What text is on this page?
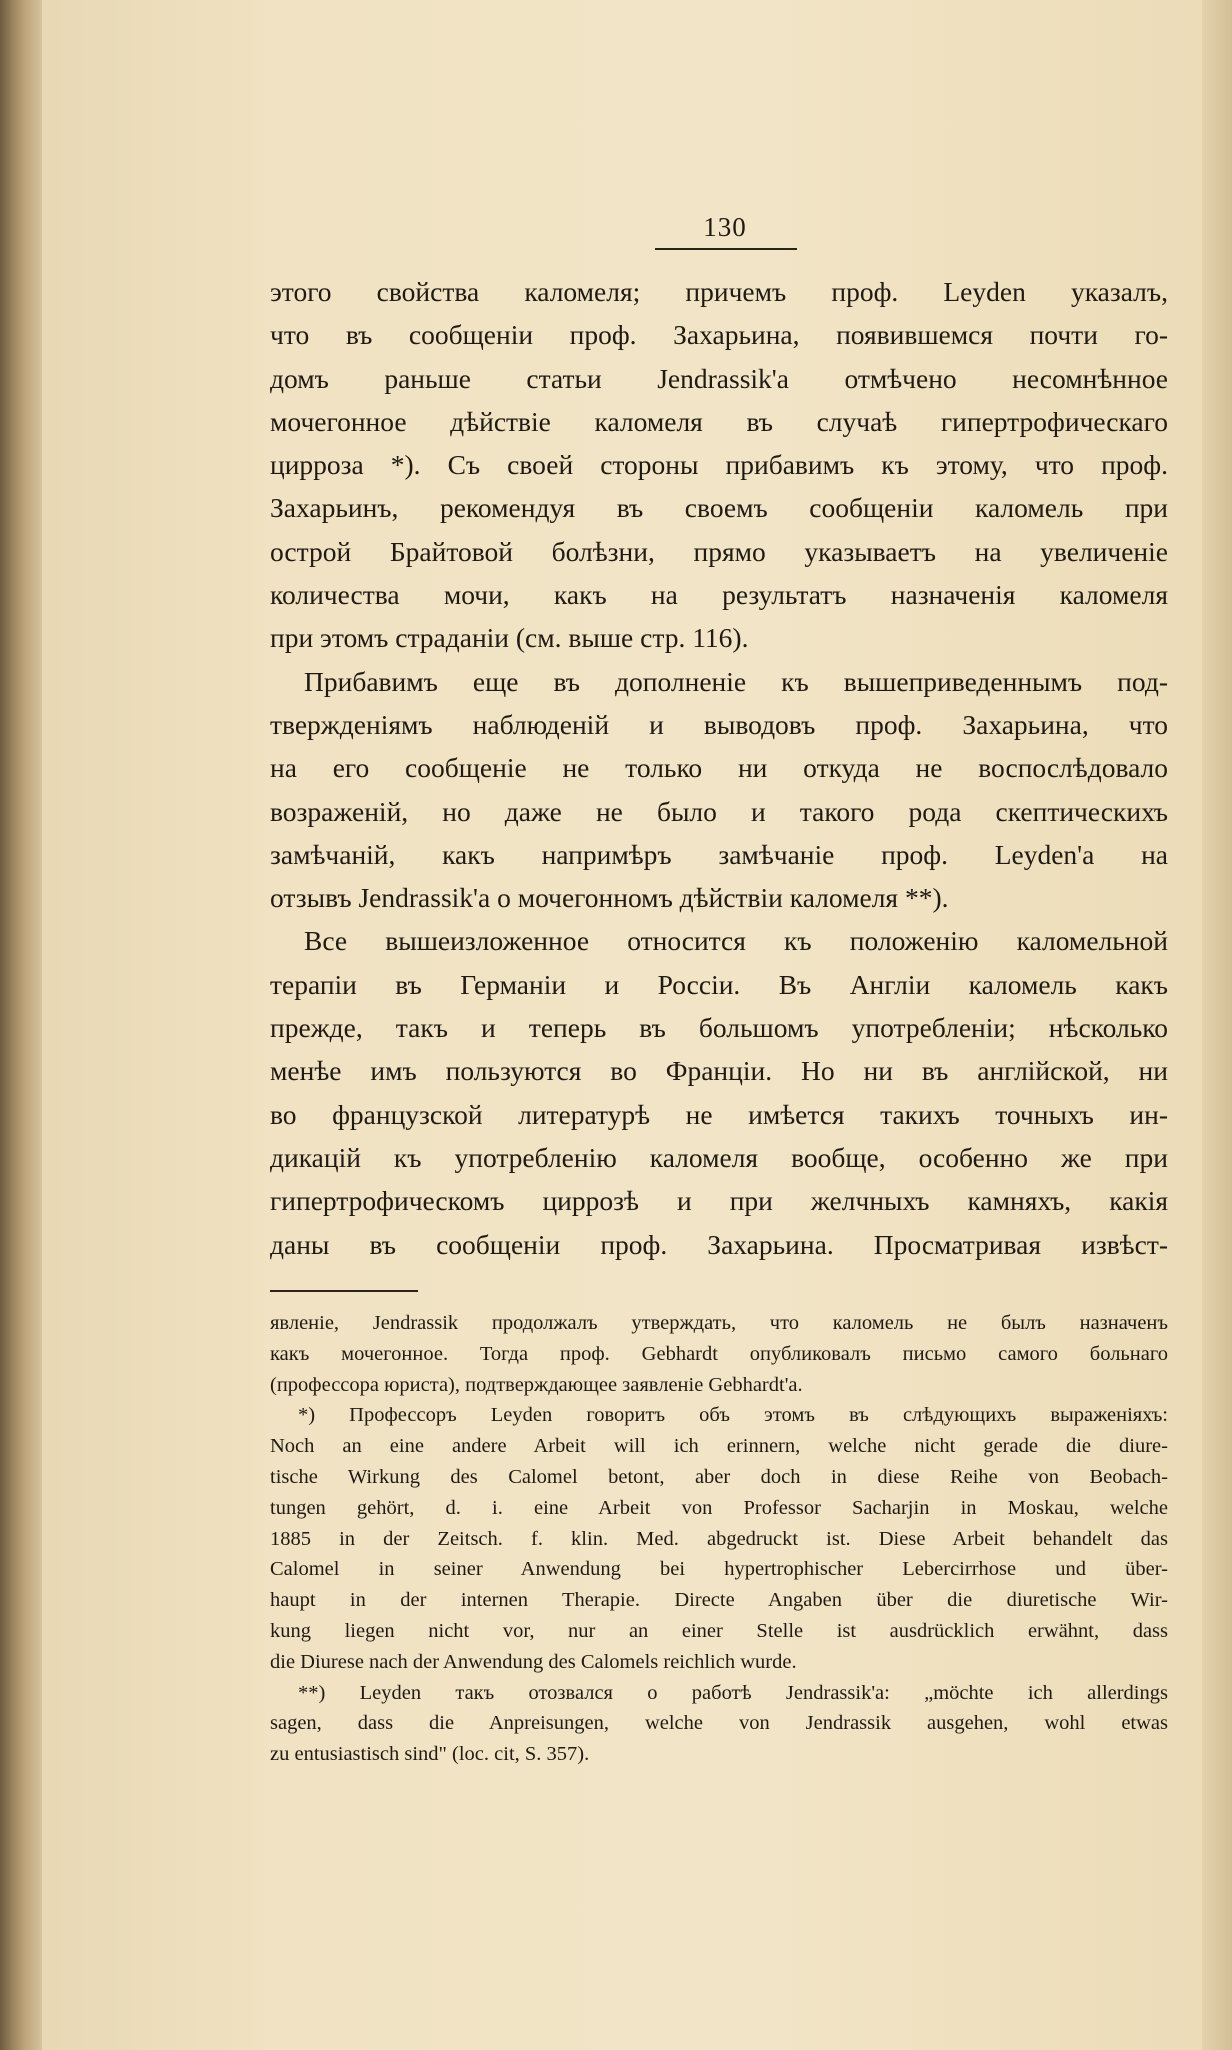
130

этого свойства каломеля; причемъ проф. Leyden указалъ,
что въ сообщеніи проф. Захарьина, появившемся почти го-
домъ раньше статьи Jendrassik'а отмѣчено несомнѣнное
мочегонное дѣйствіе каломеля въ случаѣ гипертрофическаго
цирроза *). Съ своей стороны прибавимъ къ этому, что проф.
Захарьинъ, рекомендуя въ своемъ сообщеніи каломель при
острой Брайтовой болѣзни, прямо указываетъ на увеличеніе
количества мочи, какъ на результатъ назначенія каломеля
при этомъ страданіи (см. выше стр. 116).

Прибавимъ еще въ дополненіе къ вышеприведеннымъ под-
твержденіямъ наблюденій и выводовъ проф. Захарьина, что
на его сообщеніе не только ни откуда не воспослѣдовало
возраженій, но даже не было и такого рода скептическихъ
замѣчаній, какъ напримѣръ замѣчаніе проф. Leyden'а на
отзывъ Jendrassik'а о мочегонномъ дѣйствіи каломеля **).

Все вышеизложенное относится къ положенію каломельной
терапіи въ Германіи и Россіи. Въ Англіи каломель какъ
прежде, такъ и теперь въ большомъ употребленіи; нѣсколько
менѣе имъ пользуются во Франціи. Но ни въ англійской, ни
во французской литературѣ не имѣется такихъ точныхъ ин-
дикацій къ употребленію каломеля вообще, особенно же при
гипертрофическомъ циррозѣ и при желчныхъ камняхъ, какія
даны въ сообщеніи проф. Захарьина. Просматривая извѣст-

явленіе, Jendrassik продолжалъ утверждать, что каломель не былъ назначенъ
какъ мочегонное. Тогда проф. Gebhardt опубликовалъ письмо самого больнаго
(профессора юриста), подтверждающее заявленіе Gebhardt'а.
*) Профессоръ Leyden говоритъ объ этомъ въ слѣдующихъ выраженіяхъ:
Noch an eine andere Arbeit will ich erinnern, welche nicht gerade die diure-
tische Wirkung des Calomel betont, aber doch in diese Reihe von Beobach-
tungen gehört, d. i. eine Arbeit von Professor Sacharjin in Moskau, welche
1885 in der Zeitsch. f. klin. Med. abgedruckt ist. Diese Arbeit behandelt das
Calomel in seiner Anwendung bei hypertrophischer Lebercirrhose und über-
haupt in der internen Therapie. Directe Angaben über die diuretische Wir-
kung liegen nicht vor, nur an einer Stelle ist ausdrücklich erwähnt, dass
die Diurese nach der Anwendung des Calomels reichlich wurde.
**) Leyden такъ отозвался о работѣ Jendrassik'а: „möchte ich allerdings
sagen, dass die Anpreisungen, welche von Jendrassik ausgehen, wohl etwas
zu entusiastisch sind" (loc. cit, S. 357).
